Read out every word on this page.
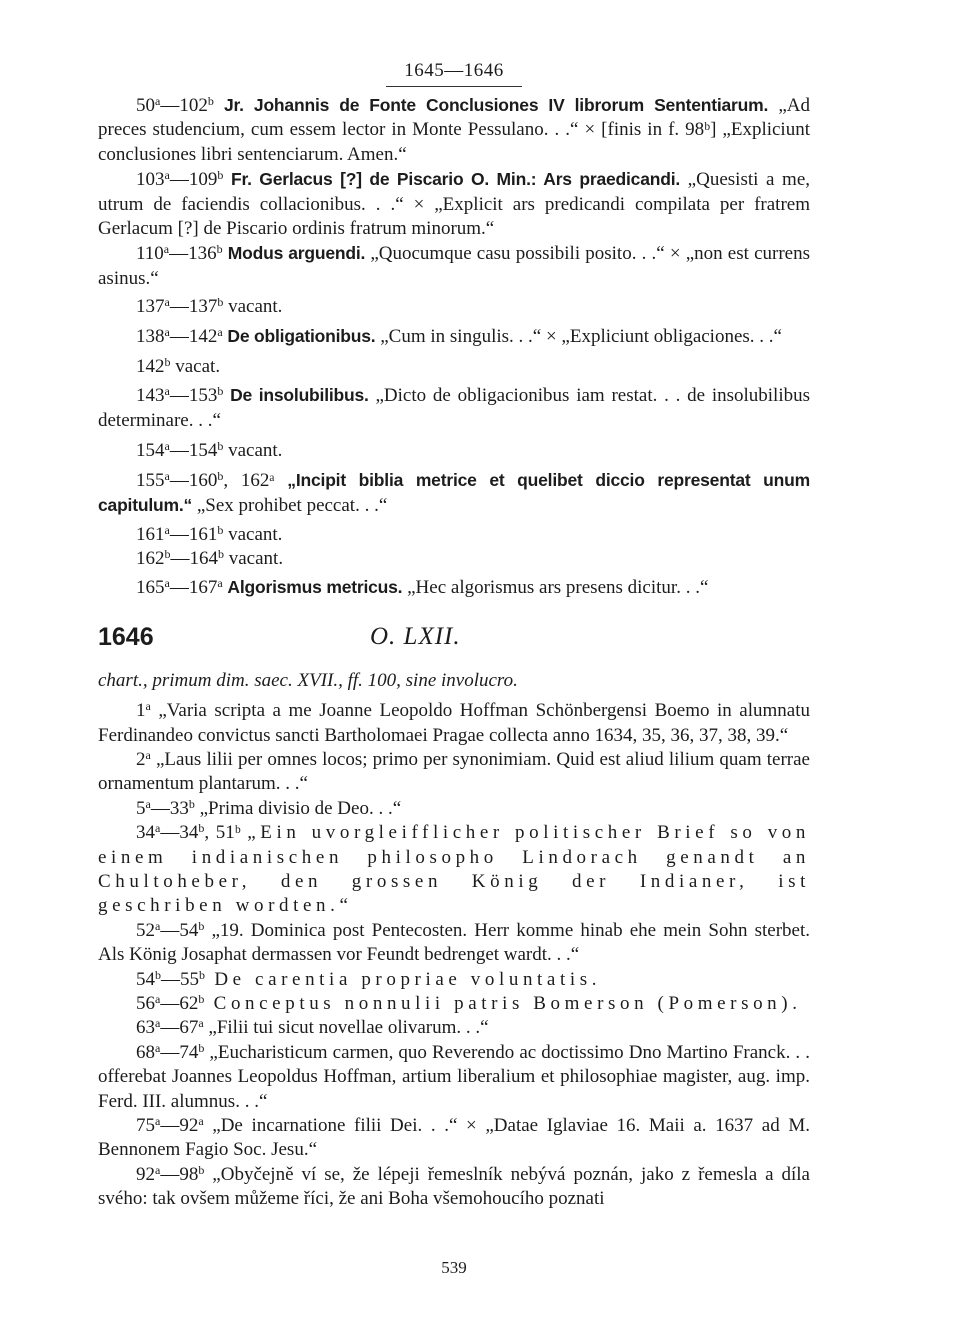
1645—1646

50$^a$—102$^b$ Jr. Johannis de Fonte Conclusiones IV librorum Sententiarum. „Ad preces studencium, cum essem lector in Monte Pessulano. . .“ × [finis in f. 98ᵇ] „Expliciunt conclusiones libri sentenciarum. Amen.“

103$^a$—109$^b$ Fr. Gerlacus [?] de Piscario O. Min.: Ars praedicandi. „Quesisti a me, utrum de faciendis collacionibus. . .“ × „Explicit ars predicandi compilata per fratrem Gerlacum [?] de Piscario ordinis fratrum minorum.“

110$^a$—136$^b$ Modus arguendi. „Quocumque casu possibili posito. . .“ × „non est currens asinus.“

137$^a$—137$^b$ vacant.

138$^a$—142$^a$ De obligationibus. „Cum in singulis. . .“ × „Expliciunt obligaciones. . .“

142$^b$ vacat.

143$^a$—153$^b$ De insolubilibus. „Dicto de obligacionibus iam restat. . . de insolubilibus determinare. . .“

154$^a$—154$^b$ vacant.

155$^a$—160$^b$, 162ᵃ „Incipit biblia metrice et quelibet diccio representat unum capitulum.“ „Sex prohibet peccat. . .“

161$^a$—161$^b$ vacant.

162$^b$—164$^b$ vacant.

165$^a$—167$^a$ Algorismus metricus. „Hec algorismus ars presens dicitur. . .“

1646	O. LXII.

chart., primum dim. saec. XVII., ff. 100, sine involucro.

1$^a$ „Varia scripta a me Joanne Leopoldo Hoffman Schönbergensi Boemo in alumnatu Ferdinandeo convictus sancti Bartholomaei Pragae collecta anno 1634, 35, 36, 37, 38, 39.“

2$^a$ „Laus lilii per omnes locos; primo per synonimiam. Quid est aliud lilium quam terrae ornamentum plantarum. . .“

5$^a$—33$^b$ „Prima divisio de Deo. . .“

34$^a$—34$^b$, 51ᵇ „Ein uvorgleifflicher politischer Brief so von einem indianischen philosopho Lindorach genandt an Chultoheber, den grossen König der Indianer, ist geschriben wordten.“

52$^a$—54$^b$ „19. Dominica post Pentecosten. Herr komme hinab ehe mein Sohn sterbet. Als König Josaphat dermassen vor Feundt bedrenget wardt. . .“

54$^b$—55$^b$ De carentia propriae voluntatis.

56$^a$—62$^b$ Conceptus nonnulii patris Bomerson (Pomerson).

63$^a$—67$^a$ „Filii tui sicut novellae olivarum. . .“

68$^a$—74$^b$ „Eucharisticum carmen, quo Reverendo ac doctissimo Dno Martino Franck. . . offerebat Joannes Leopoldus Hoffman, artium liberalium et philosophiae magister, aug. imp. Ferd. III. alumnus. . .“

75$^a$—92$^a$ „De incarnatione filii Dei. . .“ × „Datae Iglaviae 16. Maii a. 1637 ad M. Bennonem Fagio Soc. Jesu.“

92$^a$—98$^b$ „Obyčejně ví se, že lépeji řemeslník nebývá poznán, jako z řemesla a díla svého: tak ovšem můžeme říci, že ani Boha všemohoucího poznati

539
